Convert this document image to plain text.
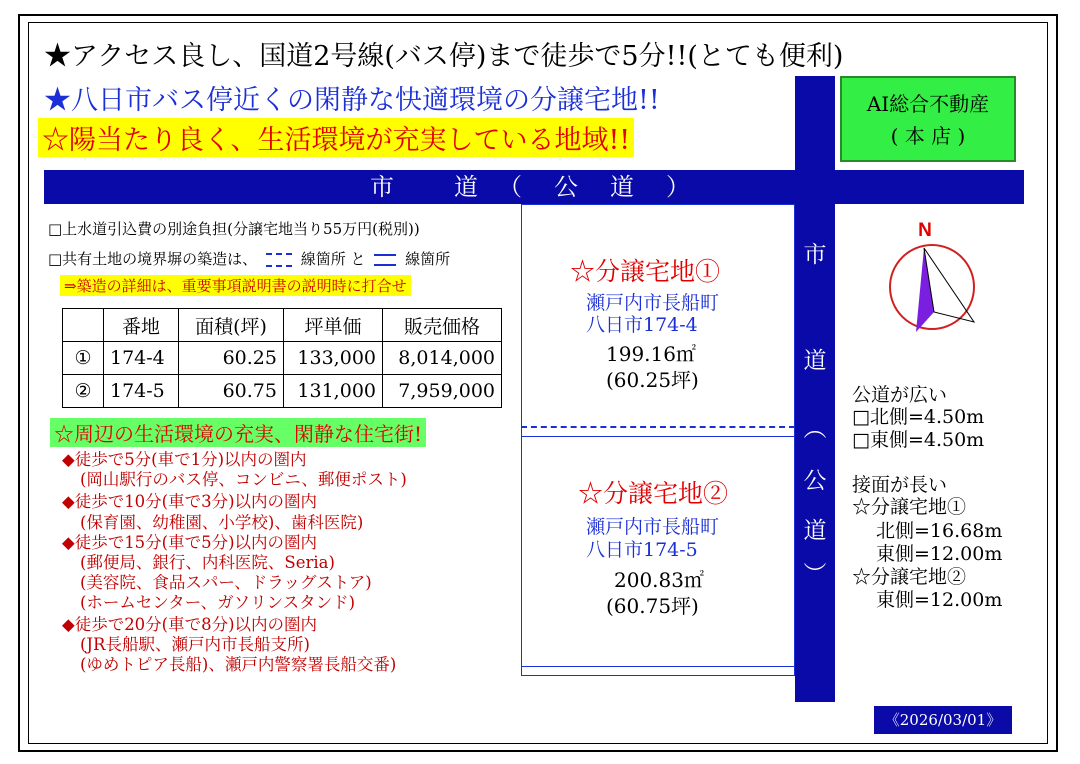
★アクセス良し、国道2号線(バス停)まで徒歩で5分!!(とても便利)
★八日市バス停近くの閑静な快適環境の分譲宅地!!
☆陽当たり良く、生活環境が充実している地域!!
AI総合不動産
( 本 店 )
市　　道　（　公　道　）
市
道
︵
公
道
︶
□上水道引込費の別途負担(分譲宅地当り55万円(税別))
□共有土地の境界塀の築造は、	線箇所 と	線箇所
⇒築造の詳細は、重要事項説明書の説明時に打合せ
	番地	面積(坪)	坪単価	販売価格
①	174-4	60.25	133,000	8,014,000
②	174-5	60.75	131,000	7,959,000
☆周辺の生活環境の充実、閑静な住宅街!
◆徒歩で5分(車で1分)以内の圏内
(岡山駅行のバス停、コンビニ、郵便ポスト)
◆徒歩で10分(車で3分)以内の圏内
(保育園、幼稚園、小学校)、歯科医院)
◆徒歩で15分(車で5分)以内の圏内
(郵便局、銀行、内科医院、Seria)
(美容院、食品スパー、ドラッグストア)
(ホームセンター、ガソリンスタンド)
◆徒歩で20分(車で8分)以内の圏内
(JR長船駅、瀬戸内市長船支所)
(ゆめトピア長船)、瀬戸内警察署長船交番)
☆分譲宅地①
瀬戸内市長船町
八日市174-4
199.16㎡
(60.25坪)
☆分譲宅地②
瀬戸内市長船町
八日市174-5
200.83㎡
(60.75坪)
N
公道が広い
□北側=4.50m
□東側=4.50m
接面が長い
☆分譲宅地①
北側=16.68m
東側=12.00m
☆分譲宅地②
東側=12.00m
《2026/03/01》
